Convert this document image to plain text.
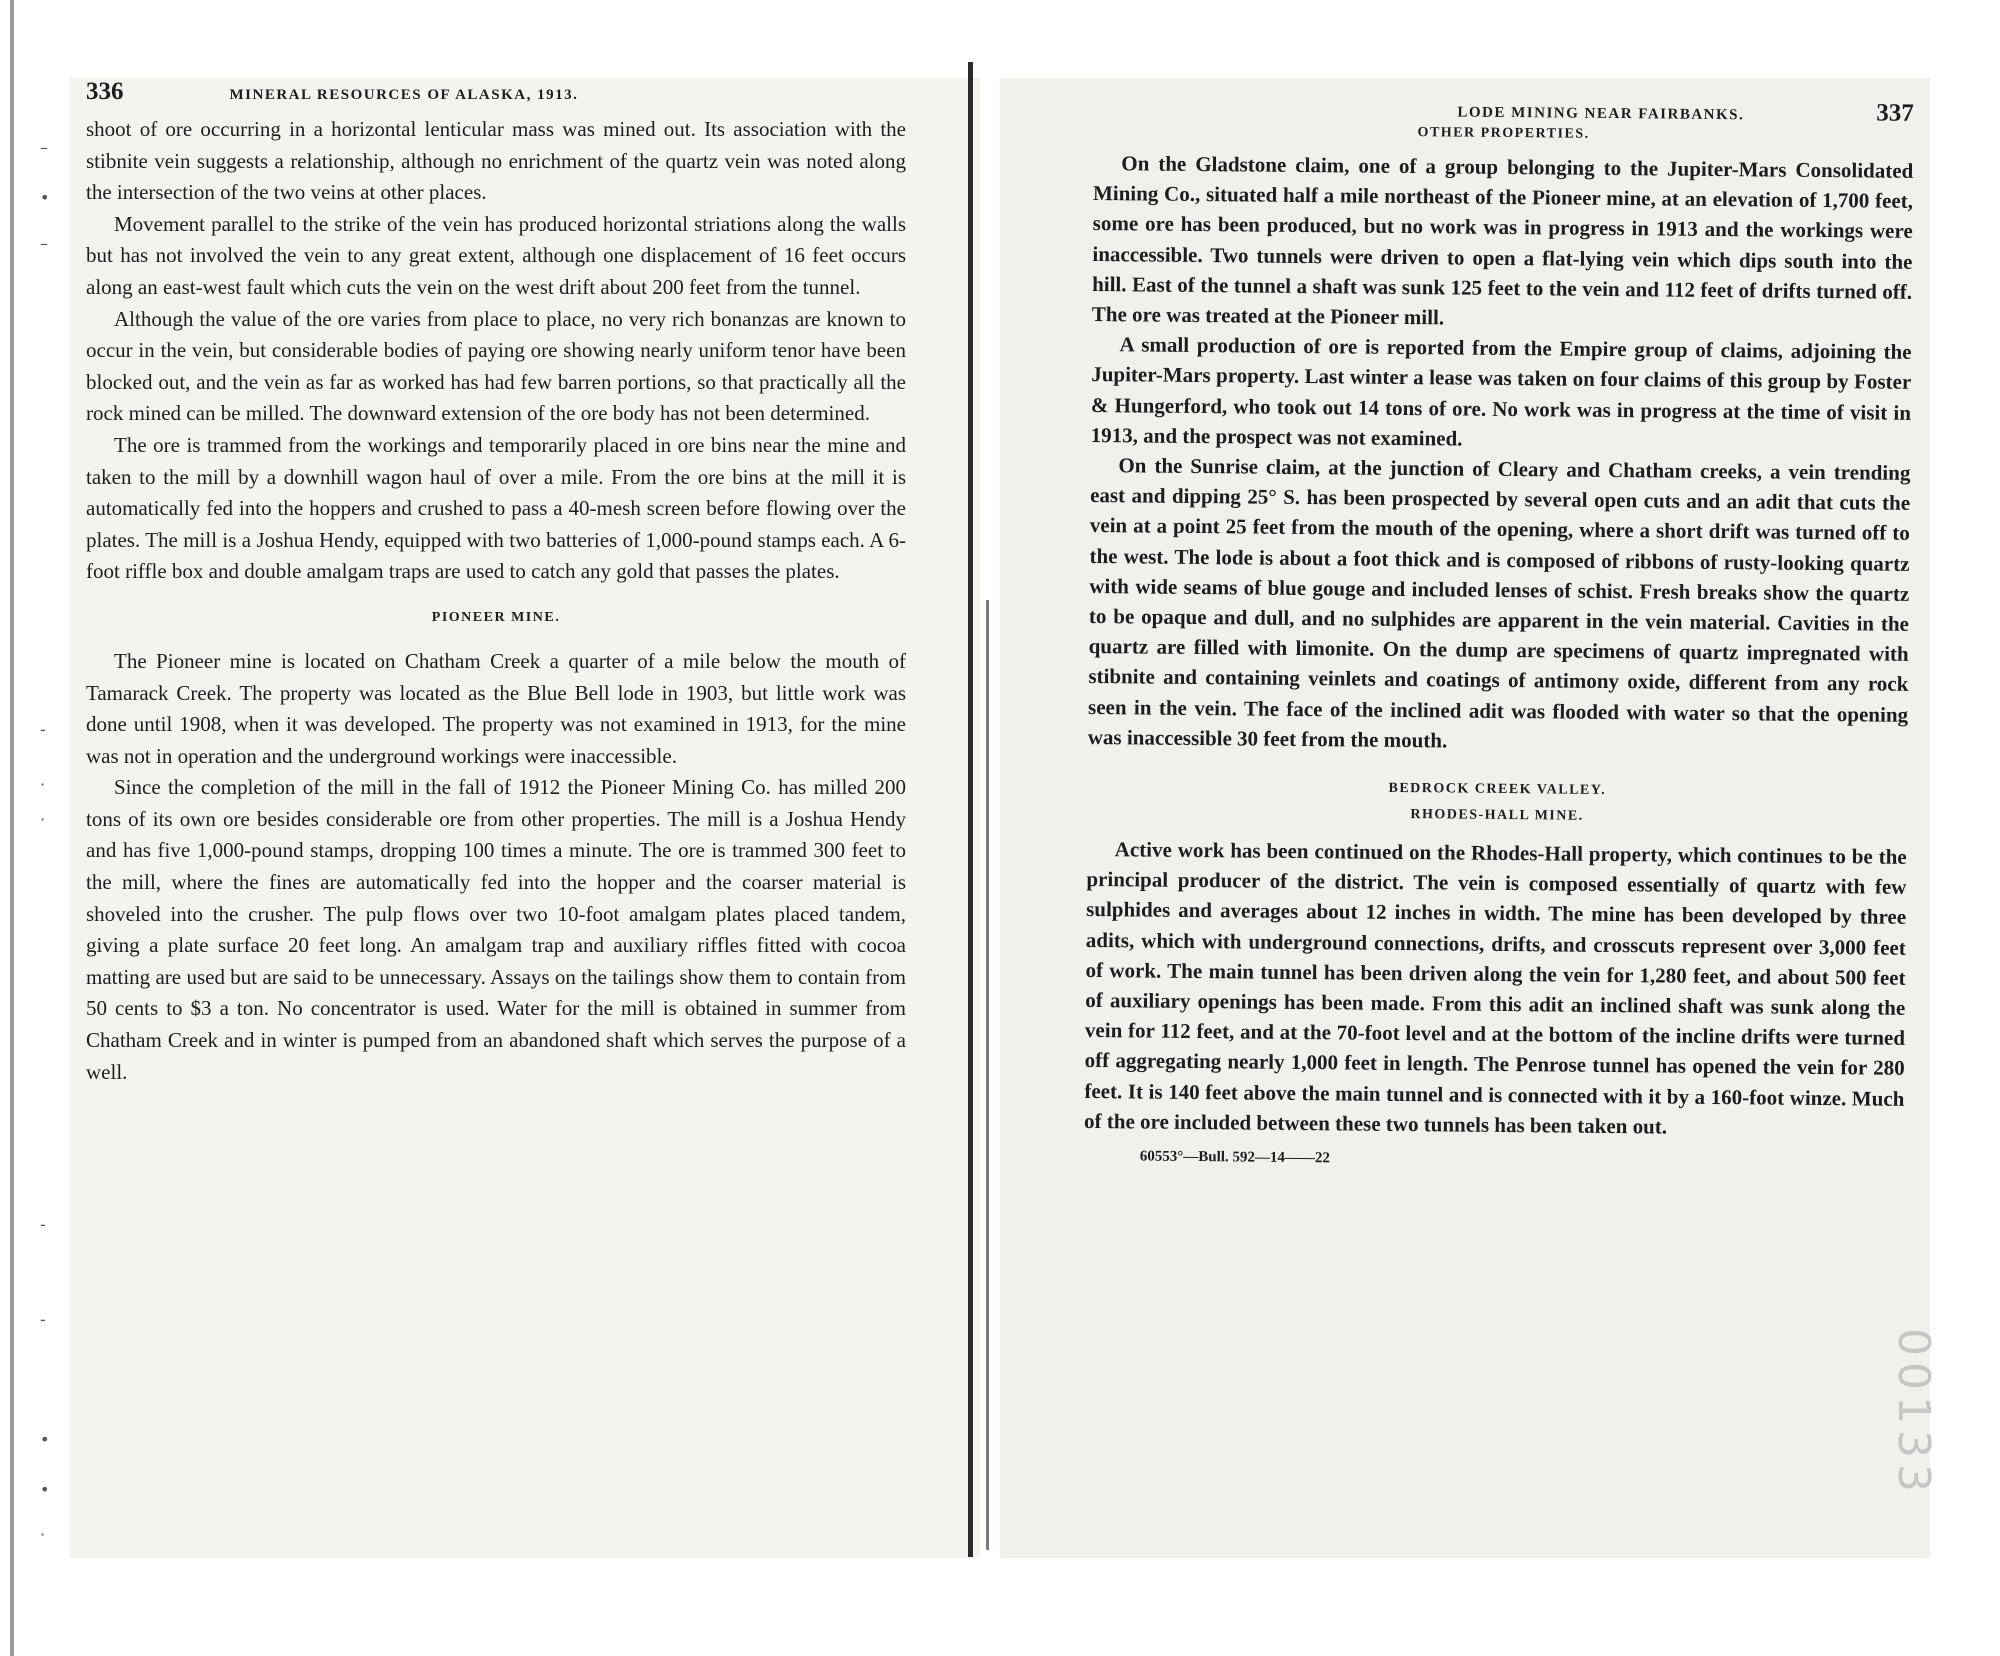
–
•
–
-
·
·
-
-
•
•
·
336	MINERAL RESOURCES OF ALASKA, 1913.

shoot of ore occurring in a horizontal lenticular mass was mined out. Its association with the stibnite vein suggests a relationship, although no enrichment of the quartz vein was noted along the intersection of the two veins at other places.

Movement parallel to the strike of the vein has produced horizontal striations along the walls but has not involved the vein to any great extent, although one displacement of 16 feet occurs along an east-west fault which cuts the vein on the west drift about 200 feet from the tunnel.

Although the value of the ore varies from place to place, no very rich bonanzas are known to occur in the vein, but considerable bodies of paying ore showing nearly uniform tenor have been blocked out, and the vein as far as worked has had few barren portions, so that practically all the rock mined can be milled. The downward extension of the ore body has not been determined.

The ore is trammed from the workings and temporarily placed in ore bins near the mine and taken to the mill by a downhill wagon haul of over a mile. From the ore bins at the mill it is automatically fed into the hoppers and crushed to pass a 40-mesh screen before flowing over the plates. The mill is a Joshua Hendy, equipped with two batteries of 1,000-pound stamps each. A 6-foot riffle box and double amalgam traps are used to catch any gold that passes the plates.

PIONEER MINE.

The Pioneer mine is located on Chatham Creek a quarter of a mile below the mouth of Tamarack Creek. The property was located as the Blue Bell lode in 1903, but little work was done until 1908, when it was developed. The property was not examined in 1913, for the mine was not in operation and the underground workings were inaccessible.

Since the completion of the mill in the fall of 1912 the Pioneer Mining Co. has milled 200 tons of its own ore besides considerable ore from other properties. The mill is a Joshua Hendy and has five 1,000-pound stamps, dropping 100 times a minute. The ore is trammed 300 feet to the mill, where the fines are automatically fed into the hopper and the coarser material is shoveled into the crusher. The pulp flows over two 10-foot amalgam plates placed tandem, giving a plate surface 20 feet long. An amalgam trap and auxiliary riffles fitted with cocoa matting are used but are said to be unnecessary. Assays on the tailings show them to contain from 50 cents to $3 a ton. No concentrator is used. Water for the mill is obtained in summer from Chatham Creek and in winter is pumped from an abandoned shaft which serves the purpose of a well.

LODE MINING NEAR FAIRBANKS.	337
OTHER PROPERTIES.

On the Gladstone claim, one of a group belonging to the Jupiter-Mars Consolidated Mining Co., situated half a mile northeast of the Pioneer mine, at an elevation of 1,700 feet, some ore has been produced, but no work was in progress in 1913 and the workings were inaccessible. Two tunnels were driven to open a flat-lying vein which dips south into the hill. East of the tunnel a shaft was sunk 125 feet to the vein and 112 feet of drifts turned off. The ore was treated at the Pioneer mill.

A small production of ore is reported from the Empire group of claims, adjoining the Jupiter-Mars property. Last winter a lease was taken on four claims of this group by Foster & Hungerford, who took out 14 tons of ore. No work was in progress at the time of visit in 1913, and the prospect was not examined.

On the Sunrise claim, at the junction of Cleary and Chatham creeks, a vein trending east and dipping 25° S. has been prospected by several open cuts and an adit that cuts the vein at a point 25 feet from the mouth of the opening, where a short drift was turned off to the west. The lode is about a foot thick and is composed of ribbons of rusty-looking quartz with wide seams of blue gouge and included lenses of schist. Fresh breaks show the quartz to be opaque and dull, and no sulphides are apparent in the vein material. Cavities in the quartz are filled with limonite. On the dump are specimens of quartz impregnated with stibnite and containing veinlets and coatings of antimony oxide, different from any rock seen in the vein. The face of the inclined adit was flooded with water so that the opening was inaccessible 30 feet from the mouth.

BEDROCK CREEK VALLEY.
RHODES-HALL MINE.

Active work has been continued on the Rhodes-Hall property, which continues to be the principal producer of the district. The vein is composed essentially of quartz with few sulphides and averages about 12 inches in width. The mine has been developed by three adits, which with underground connections, drifts, and crosscuts represent over 3,000 feet of work. The main tunnel has been driven along the vein for 1,280 feet, and about 500 feet of auxiliary openings has been made. From this adit an inclined shaft was sunk along the vein for 112 feet, and at the 70-foot level and at the bottom of the incline drifts were turned off aggregating nearly 1,000 feet in length. The Penrose tunnel has opened the vein for 280 feet. It is 140 feet above the main tunnel and is connected with it by a 160-foot winze. Much of the ore included between these two tunnels has been taken out.

60553°—Bull. 592—14——22
00133
